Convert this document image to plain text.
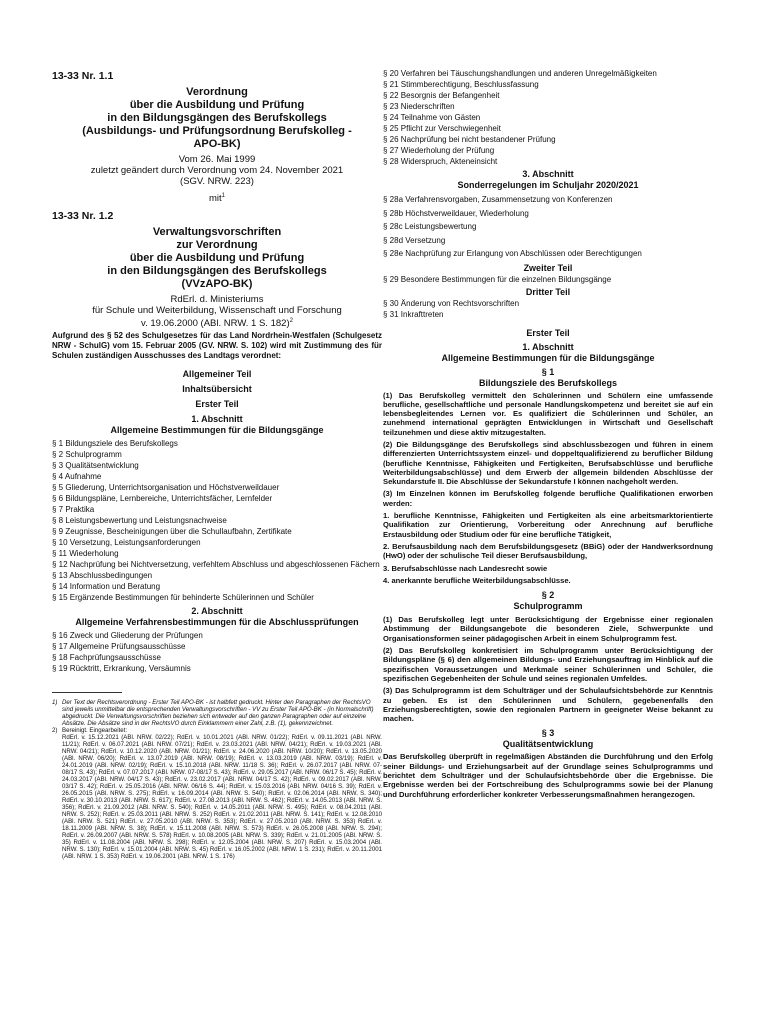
13-33 Nr. 1.1

Verordnung
über die Ausbildung und Prüfung
in den Bildungsgängen des Berufskollegs
(Ausbildungs- und Prüfungsordnung Berufskolleg -
APO-BK)
Vom 26. Mai 1999
zuletzt geändert durch Verordnung vom 24. November 2021
(SGV. NRW. 223)
mit$^1$

13-33 Nr. 1.2

Verwaltungsvorschriften
zur Verordnung
über die Ausbildung und Prüfung
in den Bildungsgängen des Berufskollegs
(VVzAPO-BK)
RdErl. d. Ministeriums
für Schule und Weiterbildung, Wissenschaft und Forschung
v. 19.06.2000 (ABl. NRW. 1 S. 182)$^2$

Aufgrund des § 52 des Schulgesetzes für das Land Nordrhein-Westfalen (Schulgesetz NRW - SchulG) vom 15. Februar 2005 (GV. NRW. S. 102) wird mit Zustimmung des für Schulen zuständigen Ausschusses des Landtags verordnet:

Allgemeiner Teil

Inhaltsübersicht

Erster Teil

1. Abschnitt

Allgemeine Bestimmungen für die Bildungsgänge

§ 1 Bildungsziele des Berufskollegs
§ 2 Schulprogramm
§ 3 Qualitätsentwicklung
§ 4 Aufnahme
§ 5 Gliederung, Unterrichtsorganisation und Höchstverweildauer
§ 6 Bildungspläne, Lernbereiche, Unterrichtsfächer, Lernfelder
§ 7 Praktika
§ 8 Leistungsbewertung und Leistungsnachweise
§ 9 Zeugnisse, Bescheinigungen über die Schullaufbahn, Zertifikate
§ 10 Versetzung, Leistungsanforderungen
§ 11 Wiederholung
§ 12 Nachprüfung bei Nichtversetzung, verfehltem Abschluss und abgeschlossenen Fächern
§ 13 Abschlussbedingungen
§ 14 Information und Beratung
§ 15 Ergänzende Bestimmungen für behinderte Schülerinnen und Schüler

2. Abschnitt

Allgemeine Verfahrensbestimmungen für die Abschlussprüfungen

§ 16 Zweck und Gliederung der Prüfungen
§ 17 Allgemeine Prüfungsausschüsse
§ 18 Fachprüfungsausschüsse
§ 19 Rücktritt, Erkrankung, Versäumnis
1) Der Text der Rechtsverordnung - Erster Teil APO-BK - ist halbfett gedruckt. Hinter den Paragraphen der RechtsVO sind jeweils unmittelbar die entsprechenden Verwaltungsvorschriften - VV zu Erster Teil APO-BK - (in Normalschrift) abgedruckt. Die Verwaltungsvorschriften beziehen sich entweder auf den ganzen Paragraphen oder auf einzelne Absätze. Die Absätze sind in der RechtsVO durch Einklammern einer Zahl, z.B. (1), gekennzeichnet.
2) Bereinigt. Eingearbeitet:
RdErl. v. 15.12.2021 (ABl. NRW. 02/22); RdErl. v. 10.01.2021 (ABl. NRW. 01/22); RdErl. v. 09.11.2021 (ABl. NRW. 11/21); RdErl. v. 06.07.2021 (ABl. NRW. 07/21); RdErl. v. 23.03.2021 (ABl. NRW. 04/21); RdErl. v. 19.03.2021 (ABl. NRW. 04/21); RdErl. v. 10.12.2020 (ABl. NRW. 01/21); RdErl. v. 24.06.2020 (ABl. NRW. 10/20); RdErl. v. 13.05.2020 (ABl. NRW. 06/20); RdErl. v. 13.07.2019 (ABl. NRW. 08/19); RdErl. v. 13.03.2019 (ABl. NRW. 03/19); RdErl. v. 24.01.2019 (ABl. NRW. 02/19); RdErl. v. 15.10.2018 (ABl. NRW. 11/18 S. 36); RdErl. v. 26.07.2017 (ABl. NRW. 07-08/17 S. 43); RdErl. v. 07.07.2017 (ABl. NRW. 07-08/17 S. 43); RdErl. v. 29.05.2017 (ABl. NRW. 06/17 S. 45); RdErl. v. 24.03.2017 (ABl. NRW. 04/17 S. 43); RdErl. v. 23.02.2017 (ABl. NRW. 04/17 S. 42); RdErl. v. 09.02.2017 (ABl. NRW. 03/17 S. 42); RdErl. v. 25.05.2016 (ABl. NRW. 06/16 S. 44); RdErl. v. 15.03.2016 (ABl. NRW. 04/16 S. 39); RdErl. v. 26.05.2015 (ABl. NRW. S. 275); RdErl. v. 16.09.2014 (ABl. NRW. S. 540); RdErl. v. 02.06.2014 (ABl. NRW. S. 340); RdErl. v. 30.10.2013 (ABl. NRW. S. 617); RdErl. v. 27.08.2013 (ABl. NRW. S. 462); RdErl. v. 14.05.2013 (ABl. NRW. S. 356); RdErl. v. 21.09.2012 (ABl. NRW. S. 540); RdErl. v. 14.05.2011 (ABl. NRW. S. 495); RdErl. v. 08.04.2011 (ABl. NRW. S. 252); RdErl. v. 25.03.2011 (ABl. NRW. S. 252) RdErl. v. 21.02.2011 (ABl. NRW. S. 141); RdErl. v. 12.08.2010 (ABl. NRW. S. 521) RdErl. v. 27.05.2010 (ABl. NRW. S. 353); RdErl. v. 27.05.2010 (ABl. NRW. S. 353) RdErl. v. 18.11.2009 (ABl. NRW. S. 38); RdErl. v. 15.11.2008 (ABl. NRW. S. 573) RdErl. v. 26.05.2008 (ABl. NRW. S. 294); RdErl. v. 26.09.2007 (ABl. NRW. S. 578) RdErl. v. 10.08.2005 (ABl. NRW. S. 339); RdErl. v. 21.01.2005 (ABl. NRW. S. 35) RdErl. v. 11.08.2004 (ABl. NRW. S. 298); RdErl. v. 12.05.2004 (ABl. NRW. S. 207) RdErl. v. 15.03.2004 (ABl. NRW. S. 130); RdErl. v. 15.01.2004 (ABl. NRW. S. 45) RdErl. v. 16.05.2002 (ABl. NRW. 1 S. 231); RdErl. v. 20.11.2001 (ABl. NRW. 1 S. 353) RdErl. v. 19.06.2001 (ABl. NRW. 1 S. 176)
§ 20 Verfahren bei Täuschungshandlungen und anderen Unregelmäßigkeiten
§ 21 Stimmberechtigung, Beschlussfassung
§ 22 Besorgnis der Befangenheit
§ 23 Niederschriften
§ 24 Teilnahme von Gästen
§ 25 Pflicht zur Verschwiegenheit
§ 26 Nachprüfung bei nicht bestandener Prüfung
§ 27 Wiederholung der Prüfung
§ 28 Widerspruch, Akteneinsicht

3. Abschnitt

Sonderregelungen im Schuljahr 2020/2021

§ 28a Verfahrensvorgaben, Zusammensetzung von Konferenzen
§ 28b Höchstverweildauer, Wiederholung
§ 28c Leistungsbewertung
§ 28d Versetzung
§ 28e Nachprüfung zur Erlangung von Abschlüssen oder Berechtigungen

Zweiter Teil

§ 29 Besondere Bestimmungen für die einzelnen Bildungsgänge

Dritter Teil

§ 30 Änderung von Rechtsvorschriften
§ 31 Inkrafttreten

Erster Teil

1. Abschnitt

Allgemeine Bestimmungen für die Bildungsgänge

§ 1

Bildungsziele des Berufskollegs

(1) Das Berufskolleg vermittelt den Schülerinnen und Schülern eine umfassende berufliche, gesellschaftliche und personale Handlungskompetenz und bereitet sie auf ein lebensbegleitendes Lernen vor. Es qualifiziert die Schülerinnen und Schüler, an zunehmend international geprägten Entwicklungen in Wirtschaft und Gesellschaft teilzunehmen und diese aktiv mitzugestalten.

(2) Die Bildungsgänge des Berufskollegs sind abschlussbezogen und führen in einem differenzierten Unterrichtssystem einzel- und doppeltqualifizierend zu beruflicher Bildung (berufliche Kenntnisse, Fähigkeiten und Fertigkeiten, Berufsabschlüsse und berufliche Weiterbildungsabschlüsse) und dem Erwerb der allgemein bildenden Abschlüsse der Sekundarstufe II. Die Abschlüsse der Sekundarstufe I können nachgeholt werden.

(3) Im Einzelnen können im Berufskolleg folgende berufliche Qualifikationen erworben werden:

1. berufliche Kenntnisse, Fähigkeiten und Fertigkeiten als eine arbeitsmarktorientierte Qualifikation zur Orientierung, Vorbereitung oder Anrechnung auf berufliche Erstausbildung oder Studium oder für eine berufliche Tätigkeit,

2. Berufsausbildung nach dem Berufsbildungsgesetz (BBiG) oder der Handwerksordnung (HwO) oder der schulische Teil dieser Berufsausbildung,

3. Berufsabschlüsse nach Landesrecht sowie

4. anerkannte berufliche Weiterbildungsabschlüsse.

§ 2

Schulprogramm

(1) Das Berufskolleg legt unter Berücksichtigung der Ergebnisse einer regionalen Abstimmung der Bildungsangebote die besonderen Ziele, Schwerpunkte und Organisationsformen seiner pädagogischen Arbeit in einem Schulprogramm fest.

(2) Das Berufskolleg konkretisiert im Schulprogramm unter Berücksichtigung der Bildungspläne (§ 6) den allgemeinen Bildungs- und Erziehungsauftrag im Hinblick auf die spezifischen Voraussetzungen und Merkmale seiner Schülerinnen und Schüler, die spezifischen Gegebenheiten der Schule und seines regionalen Umfeldes.

(3) Das Schulprogramm ist dem Schulträger und der Schulaufsichtsbehörde zur Kenntnis zu geben. Es ist den Schülerinnen und Schülern, gegebenenfalls den Erziehungsberechtigten, sowie den regionalen Partnern in geeigneter Weise bekannt zu machen.

§ 3

Qualitätsentwicklung

Das Berufskolleg überprüft in regelmäßigen Abständen die Durchführung und den Erfolg seiner Bildungs- und Erziehungsarbeit auf der Grundlage seines Schulprogramms und berichtet dem Schulträger und der Schulaufsichtsbehörde über die Ergebnisse. Die Ergebnisse werden bei der Fortschreibung des Schulprogramms sowie bei der Planung und Durchführung erforderlicher konkreter Verbesserungsmaßnahmen herangezogen.
